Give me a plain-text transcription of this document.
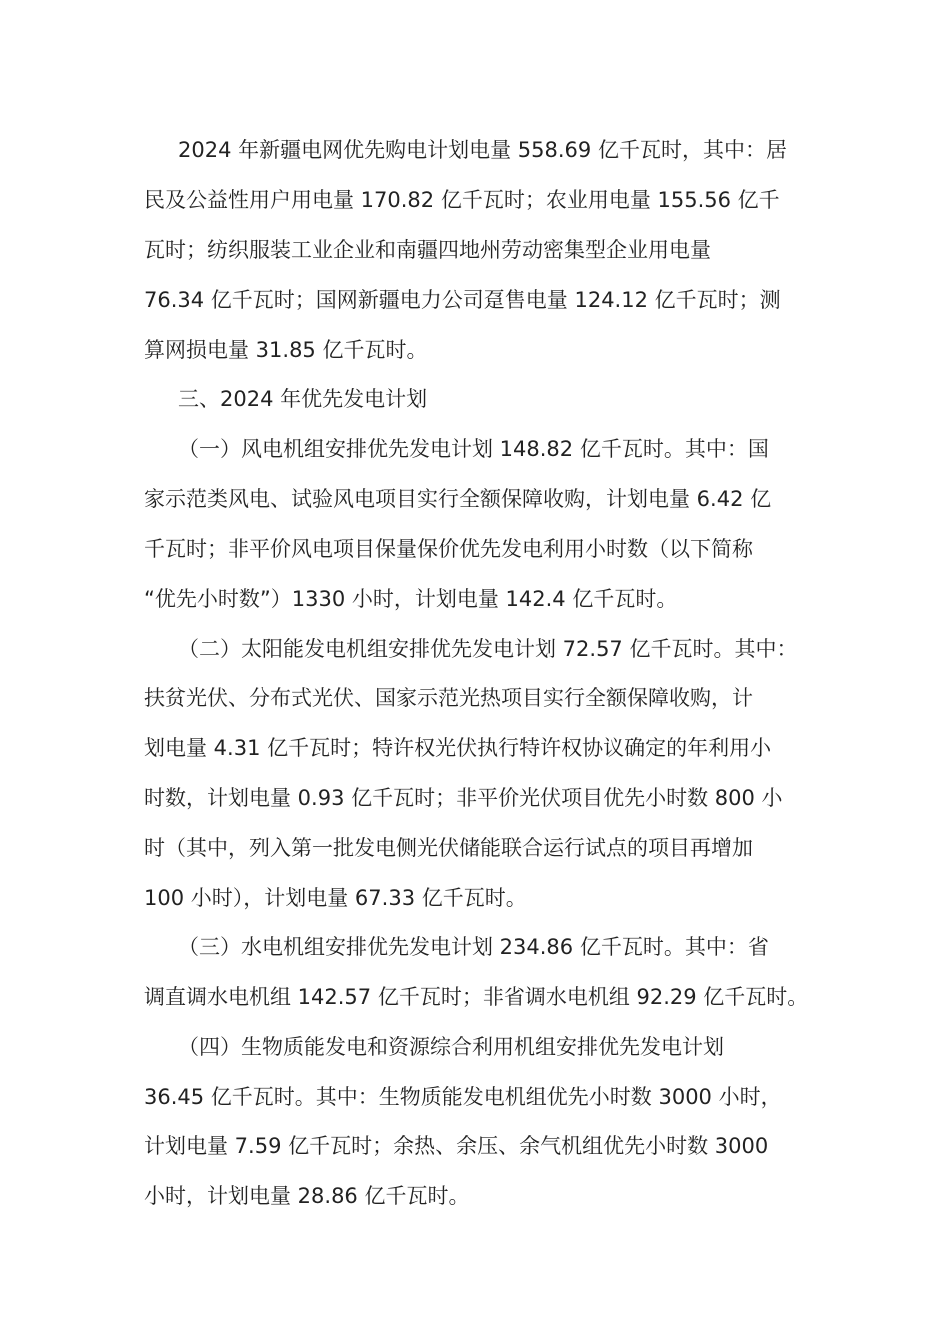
2024 年新疆电网优先购电计划电量 558.69 亿千瓦时，其中：居
民及公益性用户用电量 170.82 亿千瓦时；农业用电量 155.56 亿千
瓦时；纺织服装工业企业和南疆四地州劳动密集型企业用电量
76.34 亿千瓦时；国网新疆电力公司趸售电量 124.12 亿千瓦时；测
算网损电量 31.85 亿千瓦时。
三、2024 年优先发电计划
（一）风电机组安排优先发电计划 148.82 亿千瓦时。其中：国
家示范类风电、试验风电项目实行全额保障收购，计划电量 6.42 亿
千瓦时；非平价风电项目保量保价优先发电利用小时数（以下简称
“优先小时数”）1330 小时，计划电量 142.4 亿千瓦时。
（二）太阳能发电机组安排优先发电计划 72.57 亿千瓦时。其中：
扶贫光伏、分布式光伏、国家示范光热项目实行全额保障收购，计
划电量 4.31 亿千瓦时；特许权光伏执行特许权协议确定的年利用小
时数，计划电量 0.93 亿千瓦时；非平价光伏项目优先小时数 800 小
时（其中，列入第一批发电侧光伏储能联合运行试点的项目再增加
100 小时），计划电量 67.33 亿千瓦时。
（三）水电机组安排优先发电计划 234.86 亿千瓦时。其中：省
调直调水电机组 142.57 亿千瓦时；非省调水电机组 92.29 亿千瓦时。
（四）生物质能发电和资源综合利用机组安排优先发电计划
36.45 亿千瓦时。其中：生物质能发电机组优先小时数 3000 小时，
计划电量 7.59 亿千瓦时；余热、余压、余气机组优先小时数 3000
小时，计划电量 28.86 亿千瓦时。
